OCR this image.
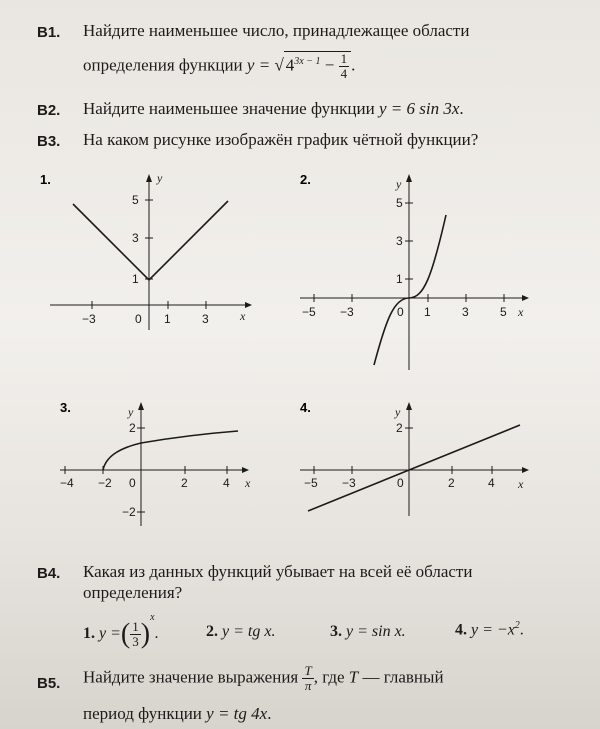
B1. Найдите наименьшее число, принадлежащее области
определения функции y = √ $4^{3x - 1} - \frac{1}{4}$ .
B2. Найдите наименьшее значение функции y = 6 sin 3x.
B3. На каком рисунке изображён график чётной функции?
1.	y
x
5
3
1
−3	0 1	3
2.	y
x
5
3
1
−5 −3	0 1	3	5
3.	y
x
2
−2
−4 −2 0	2	4
4.	y
x
2
−5 −3	0	2	4
B4. Какая из данных функций убывает на всей её области
определения?
1. y =( $\frac{1}{3} )^x$.	2. y = tg x.	3. y = sin x.	4. $y = -x^2$.
B5. Найдите значение выражения $\frac{T}{\pi}$ , где T — главный
период функции y = tg 4x.
